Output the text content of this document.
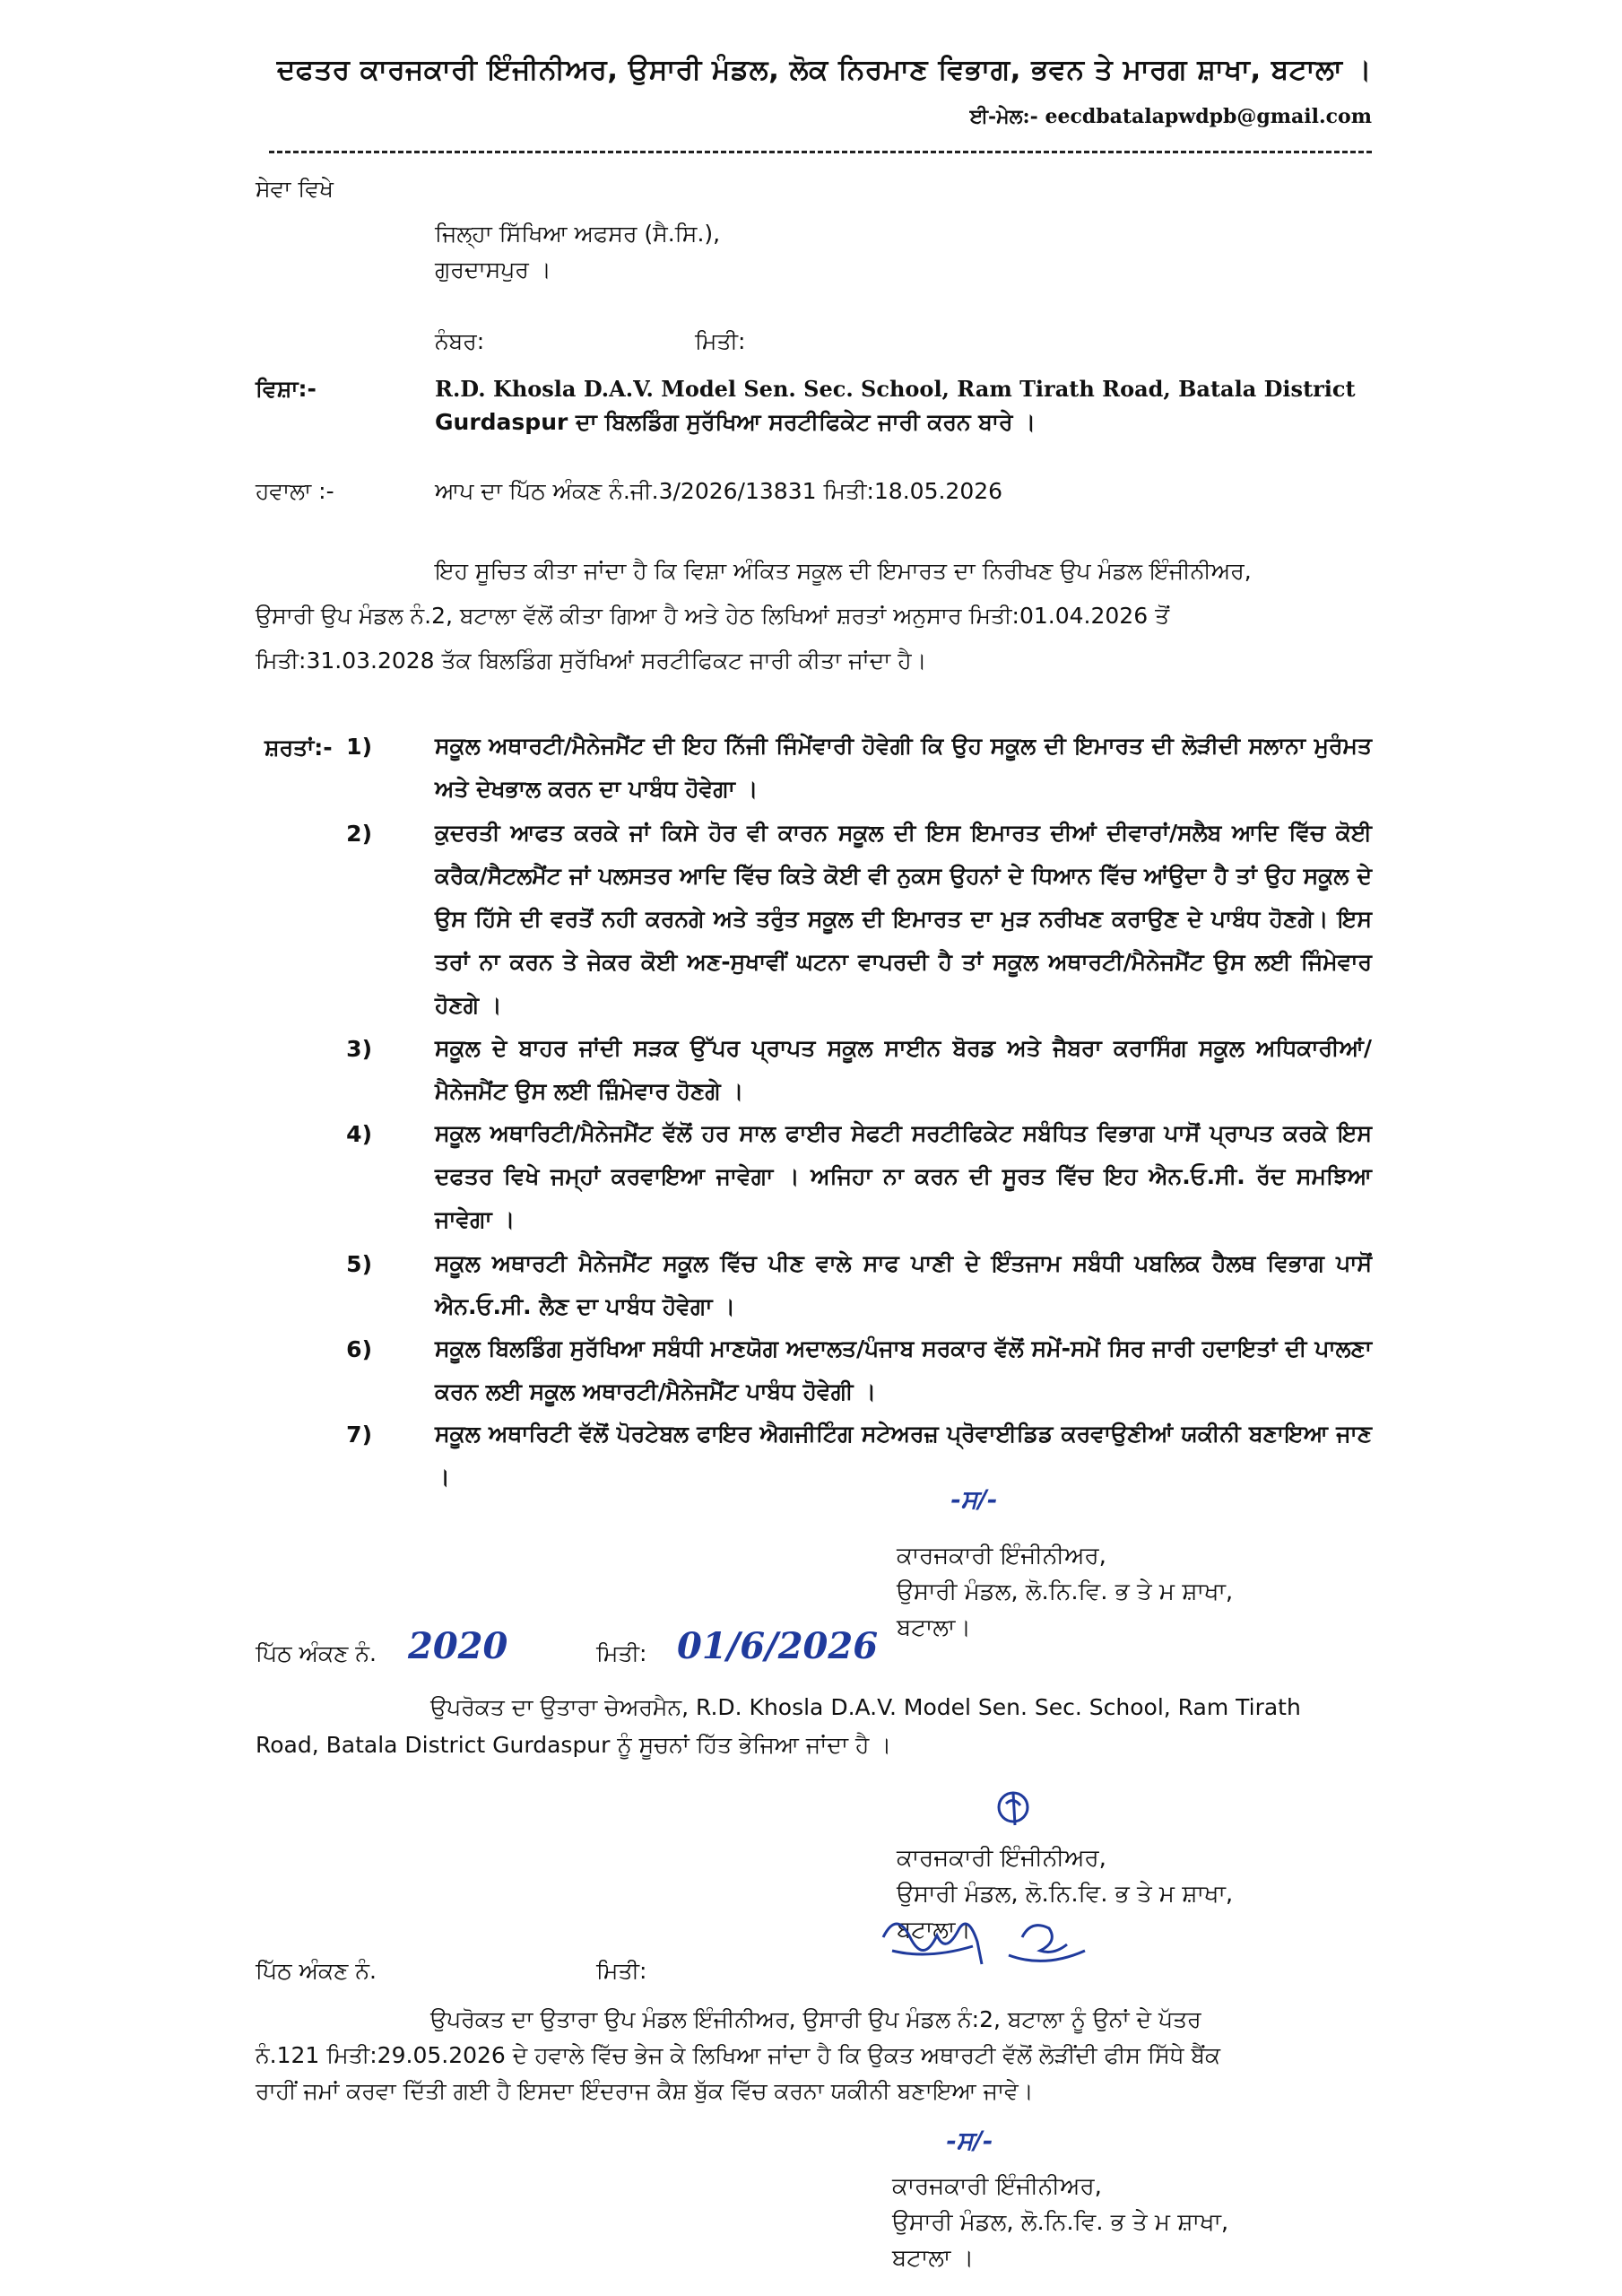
ਦਫਤਰ ਕਾਰਜਕਾਰੀ ਇੰਜੀਨੀਅਰ, ਉਸਾਰੀ ਮੰਡਲ, ਲੋਕ ਨਿਰਮਾਣ ਵਿਭਾਗ, ਭਵਨ ਤੇ ਮਾਰਗ ਸ਼ਾਖਾ, ਬਟਾਲਾ ।
ਈ-ਮੇਲ:- eecdbatalapwdpb@gmail.com
ਸੇਵਾ ਵਿਖੇ
ਜਿਲ੍ਹਾ ਸਿੱਖਿਆ ਅਫਸਰ (ਸੈ.ਸਿ.),
ਗੁਰਦਾਸਪੁਰ ।
ਨੰਬਰ:	ਮਿਤੀ:
ਵਿਸ਼ਾ:-	R.D. Khosla D.A.V. Model Sen. Sec. School, Ram Tirath Road, Batala District
Gurdaspur ਦਾ ਬਿਲਡਿੰਗ ਸੁਰੱਖਿਆ ਸਰਟੀਫਿਕੇਟ ਜਾਰੀ ਕਰਨ ਬਾਰੇ ।
ਹਵਾਲਾ :-	ਆਪ ਦਾ ਪਿੱਠ ਅੰਕਣ ਨੰ.ਜੀ.3/2026/13831 ਮਿਤੀ:18.05.2026
ਇਹ ਸੂਚਿਤ ਕੀਤਾ ਜਾਂਦਾ ਹੈ ਕਿ ਵਿਸ਼ਾ ਅੰਕਿਤ ਸਕੂਲ ਦੀ ਇਮਾਰਤ ਦਾ ਨਿਰੀਖਣ ਉਪ ਮੰਡਲ ਇੰਜੀਨੀਅਰ,
ਉਸਾਰੀ ਉਪ ਮੰਡਲ ਨੰ.2, ਬਟਾਲਾ ਵੱਲੋਂ ਕੀਤਾ ਗਿਆ ਹੈ ਅਤੇ ਹੇਠ ਲਿਖਿਆਂ ਸ਼ਰਤਾਂ ਅਨੁਸਾਰ ਮਿਤੀ:01.04.2026 ਤੋਂ
ਮਿਤੀ:31.03.2028 ਤੱਕ ਬਿਲਡਿੰਗ ਸੁਰੱਖਿਆਂ ਸਰਟੀਫਿਕਟ ਜਾਰੀ ਕੀਤਾ ਜਾਂਦਾ ਹੈ।
ਸ਼ਰਤਾਂ:- 1)	ਸਕੂਲ ਅਥਾਰਟੀ/ਮੈਨੇਜਮੈਂਟ ਦੀ ਇਹ ਨਿੱਜੀ ਜਿੰਮੇਂਵਾਰੀ ਹੋਵੇਗੀ ਕਿ ਉਹ ਸਕੂਲ ਦੀ ਇਮਾਰਤ ਦੀ ਲੋੜੀਦੀ ਸਲਾਨਾ ਮੁਰੰਮਤ ਅਤੇ ਦੇਖਭਾਲ ਕਰਨ ਦਾ ਪਾਬੰਧ ਹੋਵੇਗਾ ।
2)	ਕੁਦਰਤੀ ਆਫਤ ਕਰਕੇ ਜਾਂ ਕਿਸੇ ਹੋਰ ਵੀ ਕਾਰਨ ਸਕੂਲ ਦੀ ਇਸ ਇਮਾਰਤ ਦੀਆਂ ਦੀਵਾਰਾਂ/ਸਲੈਬ ਆਦਿ ਵਿੱਚ ਕੋਈ ਕਰੈਕ/ਸੈਟਲਮੈਂਟ ਜਾਂ ਪਲਸਤਰ ਆਦਿ ਵਿੱਚ ਕਿਤੇ ਕੋਈ ਵੀ ਨੁਕਸ ਉਹਨਾਂ ਦੇ ਧਿਆਨ ਵਿੱਚ ਆਂਉਦਾ ਹੈ ਤਾਂ ਉਹ ਸਕੂਲ ਦੇ ਉਸ ਹਿੱਸੇ ਦੀ ਵਰਤੋਂ ਨਹੀ ਕਰਨਗੇ ਅਤੇ ਤਰੁੰਤ ਸਕੂਲ ਦੀ ਇਮਾਰਤ ਦਾ ਮੁੜ ਨਰੀਖਣ ਕਰਾਉਣ ਦੇ ਪਾਬੰਧ ਹੋਣਗੇ। ਇਸ ਤਰਾਂ ਨਾ ਕਰਨ ਤੇ ਜੇਕਰ ਕੋਈ ਅਣ-ਸੁਖਾਵੀਂ ਘਟਨਾ ਵਾਪਰਦੀ ਹੈ ਤਾਂ ਸਕੂਲ ਅਥਾਰਟੀ/ਮੈਨੇਜਮੈਂਟ ਉਸ ਲਈ ਜਿੰਮੇਵਾਰ ਹੋਣਗੇ ।
3)	ਸਕੂਲ ਦੇ ਬਾਹਰ ਜਾਂਦੀ ਸੜਕ ਉੱਪਰ ਪ੍ਰਾਪਤ ਸਕੂਲ ਸਾਈਨ ਬੋਰਡ ਅਤੇ ਜੈਬਰਾ ਕਰਾਸਿੰਗ ਸਕੂਲ ਅਧਿਕਾਰੀਆਂ/ਮੈਨੇਜਮੈਂਟ ਉਸ ਲਈ ਜ਼ਿੰਮੇਵਾਰ ਹੋਣਗੇ ।
4)	ਸਕੂਲ ਅਥਾਰਿਟੀ/ਮੈਨੇਜਮੈਂਟ ਵੱਲੋਂ ਹਰ ਸਾਲ ਫਾਈਰ ਸੇਫਟੀ ਸਰਟੀਫਿਕੇਟ ਸਬੰਧਿਤ ਵਿਭਾਗ ਪਾਸੋਂ ਪ੍ਰਾਪਤ ਕਰਕੇ ਇਸ ਦਫਤਰ ਵਿਖੇ ਜਮ੍ਹਾਂ ਕਰਵਾਇਆ ਜਾਵੇਗਾ । ਅਜਿਹਾ ਨਾ ਕਰਨ ਦੀ ਸੂਰਤ ਵਿੱਚ ਇਹ ਐਨ.ਓ.ਸੀ. ਰੱਦ ਸਮਝਿਆ ਜਾਵੇਗਾ ।
5)	ਸਕੂਲ ਅਥਾਰਟੀ ਮੈਨੇਜਮੈਂਟ ਸਕੂਲ ਵਿੱਚ ਪੀਣ ਵਾਲੇ ਸਾਫ ਪਾਣੀ ਦੇ ਇੰਤਜਾਮ ਸਬੰਧੀ ਪਬਲਿਕ ਹੈਲਥ ਵਿਭਾਗ ਪਾਸੋਂ ਐਨ.ਓ.ਸੀ. ਲੈਣ ਦਾ ਪਾਬੰਧ ਹੋਵੇਗਾ ।
6)	ਸਕੂਲ ਬਿਲਡਿੰਗ ਸੁਰੱਖਿਆ ਸਬੰਧੀ ਮਾਣਯੋਗ ਅਦਾਲਤ/ਪੰਜਾਬ ਸਰਕਾਰ ਵੱਲੋਂ ਸਮੇਂ-ਸਮੇਂ ਸਿਰ ਜਾਰੀ ਹਦਾਇਤਾਂ ਦੀ ਪਾਲਣਾ ਕਰਨ ਲਈ ਸਕੂਲ ਅਥਾਰਟੀ/ਮੈਨੇਜਮੈਂਟ ਪਾਬੰਧ ਹੋਵੇਗੀ ।
7)	ਸਕੂਲ ਅਥਾਰਿਟੀ ਵੱਲੋਂ ਪੋਰਟੇਬਲ ਫਾਇਰ ਐਗਜੀਟਿੰਗ ਸਟੇਅਰਜ਼ ਪ੍ਰੋਵਾਈਡਿਡ ਕਰਵਾਉਣੀਆਂ ਯਕੀਨੀ ਬਣਾਇਆ ਜਾਣ ।
-ਸ/-
ਕਾਰਜਕਾਰੀ ਇੰਜੀਨੀਅਰ,
ਉਸਾਰੀ ਮੰਡਲ, ਲੋ.ਨਿ.ਵਿ. ਭ ਤੇ ਮ ਸ਼ਾਖਾ,
ਬਟਾਲਾ।
ਪਿੱਠ ਅੰਕਣ ਨੰ. 2020	ਮਿਤੀ: 01/6/2026
ਉਪਰੋਕਤ ਦਾ ਉਤਾਰਾ ਚੇਅਰਮੈਨ, R.D. Khosla D.A.V. Model Sen. Sec. School, Ram Tirath
Road, Batala District Gurdaspur ਨੂੰ ਸੂਚਨਾਂ ਹਿੱਤ ਭੇਜਿਆ ਜਾਂਦਾ ਹੈ ।
ਕਾਰਜਕਾਰੀ ਇੰਜੀਨੀਅਰ,
ਉਸਾਰੀ ਮੰਡਲ, ਲੋ.ਨਿ.ਵਿ. ਭ ਤੇ ਮ ਸ਼ਾਖਾ,
ਬਟਾਲਾ।
ਪਿੱਠ ਅੰਕਣ ਨੰ.	ਮਿਤੀ:
ਉਪਰੋਕਤ ਦਾ ਉਤਾਰਾ ਉਪ ਮੰਡਲ ਇੰਜੀਨੀਅਰ, ਉਸਾਰੀ ਉਪ ਮੰਡਲ ਨੰ:2, ਬਟਾਲਾ ਨੂੰ ਉਨਾਂ ਦੇ ਪੱਤਰ
ਨੰ.121 ਮਿਤੀ:29.05.2026 ਦੇ ਹਵਾਲੇ ਵਿੱਚ ਭੇਜ ਕੇ ਲਿਖਿਆ ਜਾਂਦਾ ਹੈ ਕਿ ਉਕਤ ਅਥਾਰਟੀ ਵੱਲੋਂ ਲੋੜੀਂਦੀ ਫੀਸ ਸਿੱਧੇ ਬੈਂਕ
ਰਾਹੀਂ ਜਮਾਂ ਕਰਵਾ ਦਿੱਤੀ ਗਈ ਹੈ ਇਸਦਾ ਇੰਦਰਾਜ ਕੈਸ਼ ਬੁੱਕ ਵਿੱਚ ਕਰਨਾ ਯਕੀਨੀ ਬਣਾਇਆ ਜਾਵੇ।
-ਸ/-
ਕਾਰਜਕਾਰੀ ਇੰਜੀਨੀਅਰ,
ਉਸਾਰੀ ਮੰਡਲ, ਲੋ.ਨਿ.ਵਿ. ਭ ਤੇ ਮ ਸ਼ਾਖਾ,
ਬਟਾਲਾ ।
